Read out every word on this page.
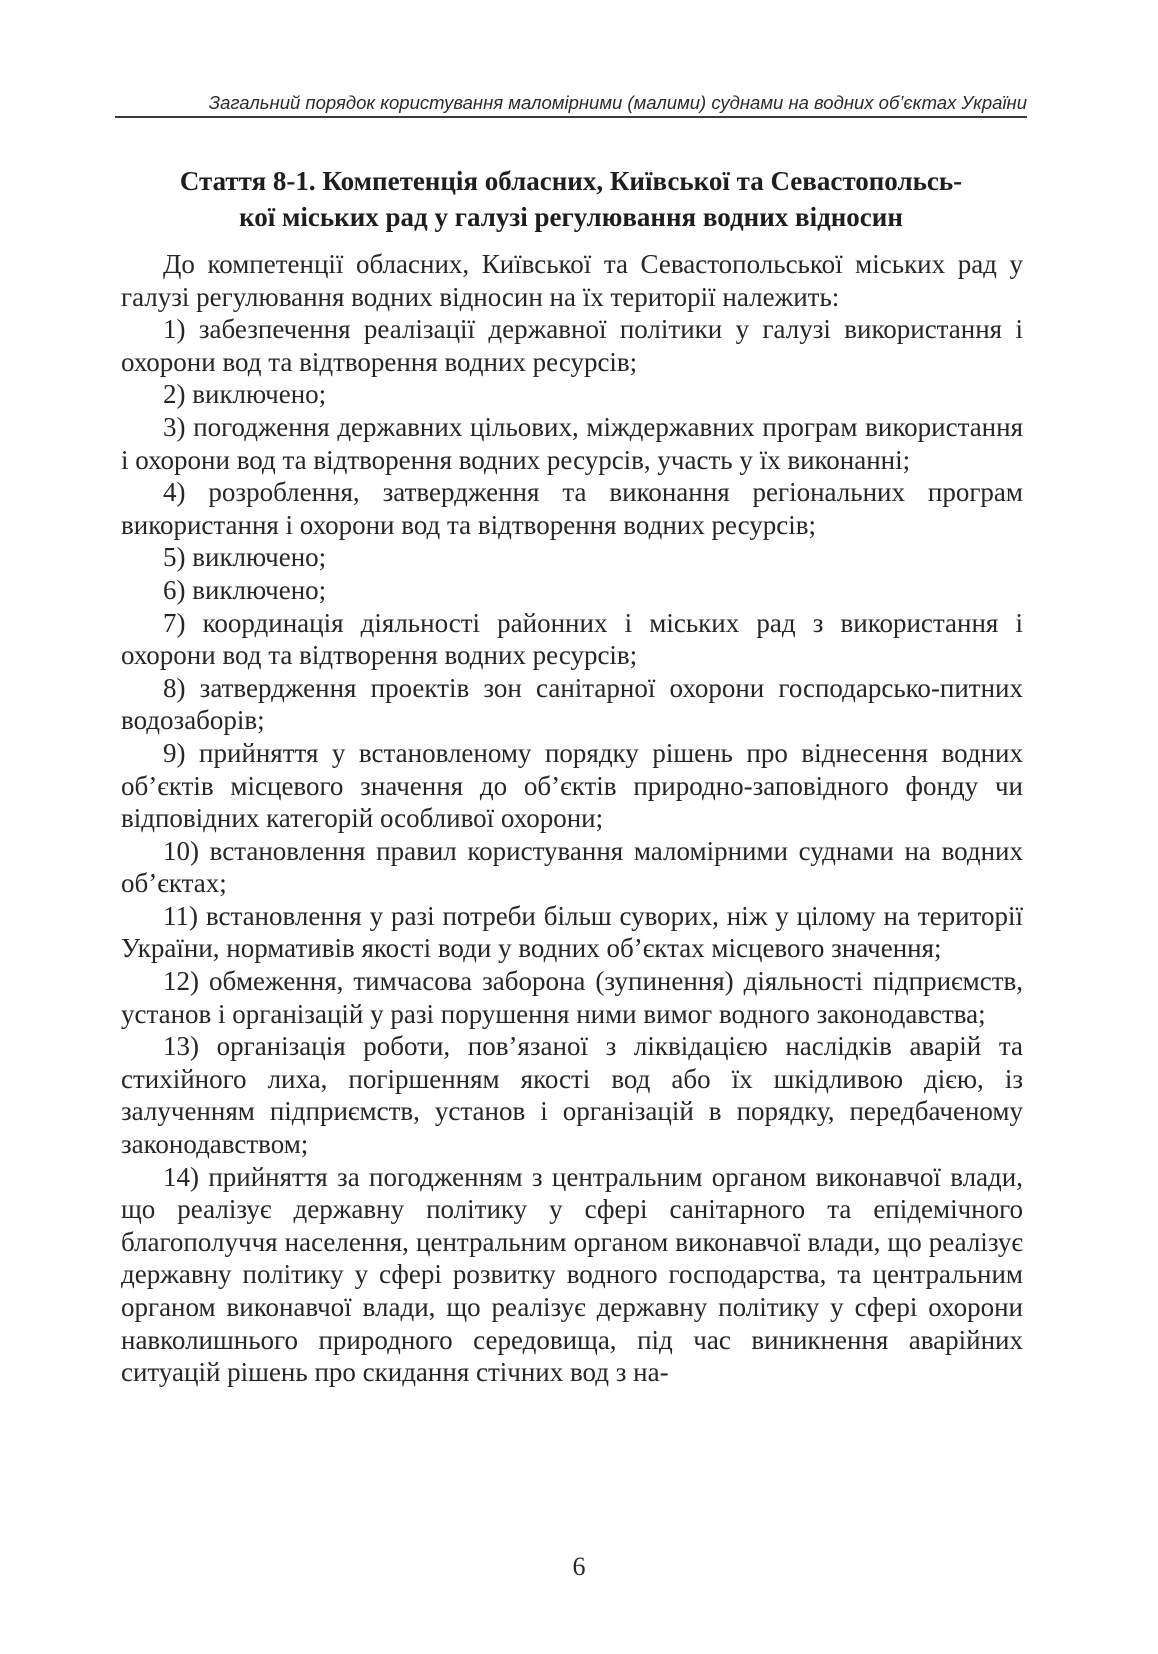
Загальний порядок користування маломірними (малими) суднами на водних об’єктах України
Стаття 8-1. Компетенція обласних, Київської та Севастопольсь-
кої міських рад у галузі регулювання водних відносин

До компетенції обласних, Київської та Севастопольської міських рад у галузі регулювання водних відносин на їх території належить:

1) забезпечення реалізації державної політики у галузі використання і охорони вод та відтворення водних ресурсів;

2) виключено;

3) погодження державних цільових, міждержавних програм використання і охорони вод та відтворення водних ресурсів, участь у їх виконанні;

4) розроблення, затвердження та виконання регіональних програм використання і охорони вод та відтворення водних ресурсів;

5) виключено;

6) виключено;

7) координація діяльності районних і міських рад з використання і охорони вод та відтворення водних ресурсів;

8) затвердження проектів зон санітарної охорони господарсько-питних водозаборів;

9) прийняття у встановленому порядку рішень про віднесення водних об’єктів місцевого значення до об’єктів природно-заповідного фонду чи відповідних категорій особливої охорони;

10) встановлення правил користування маломірними суднами на водних об’єктах;

11) встановлення у разі потреби більш суворих, ніж у цілому на території України, нормативів якості води у водних об’єктах місцевого значення;

12) обмеження, тимчасова заборона (зупинення) діяльності підприємств, установ і організацій у разі порушення ними вимог водного законодавства;

13) організація роботи, пов’язаної з ліквідацією наслідків аварій та стихійного лиха, погіршенням якості вод або їх шкідливою дією, із залученням підприємств, установ і організацій в порядку, передбаченому законодавством;

14) прийняття за погодженням з центральним органом виконавчої влади, що реалізує державну політику у сфері санітарного та епідемічного благополуччя населення, центральним органом виконавчої влади, що реалізує державну політику у сфері розвитку водного господарства, та центральним органом виконавчої влади, що реалізує державну політику у сфері охорони навколишнього природного середовища, під час виникнення аварійних ситуацій рішень про скидання стічних вод з на-

6
